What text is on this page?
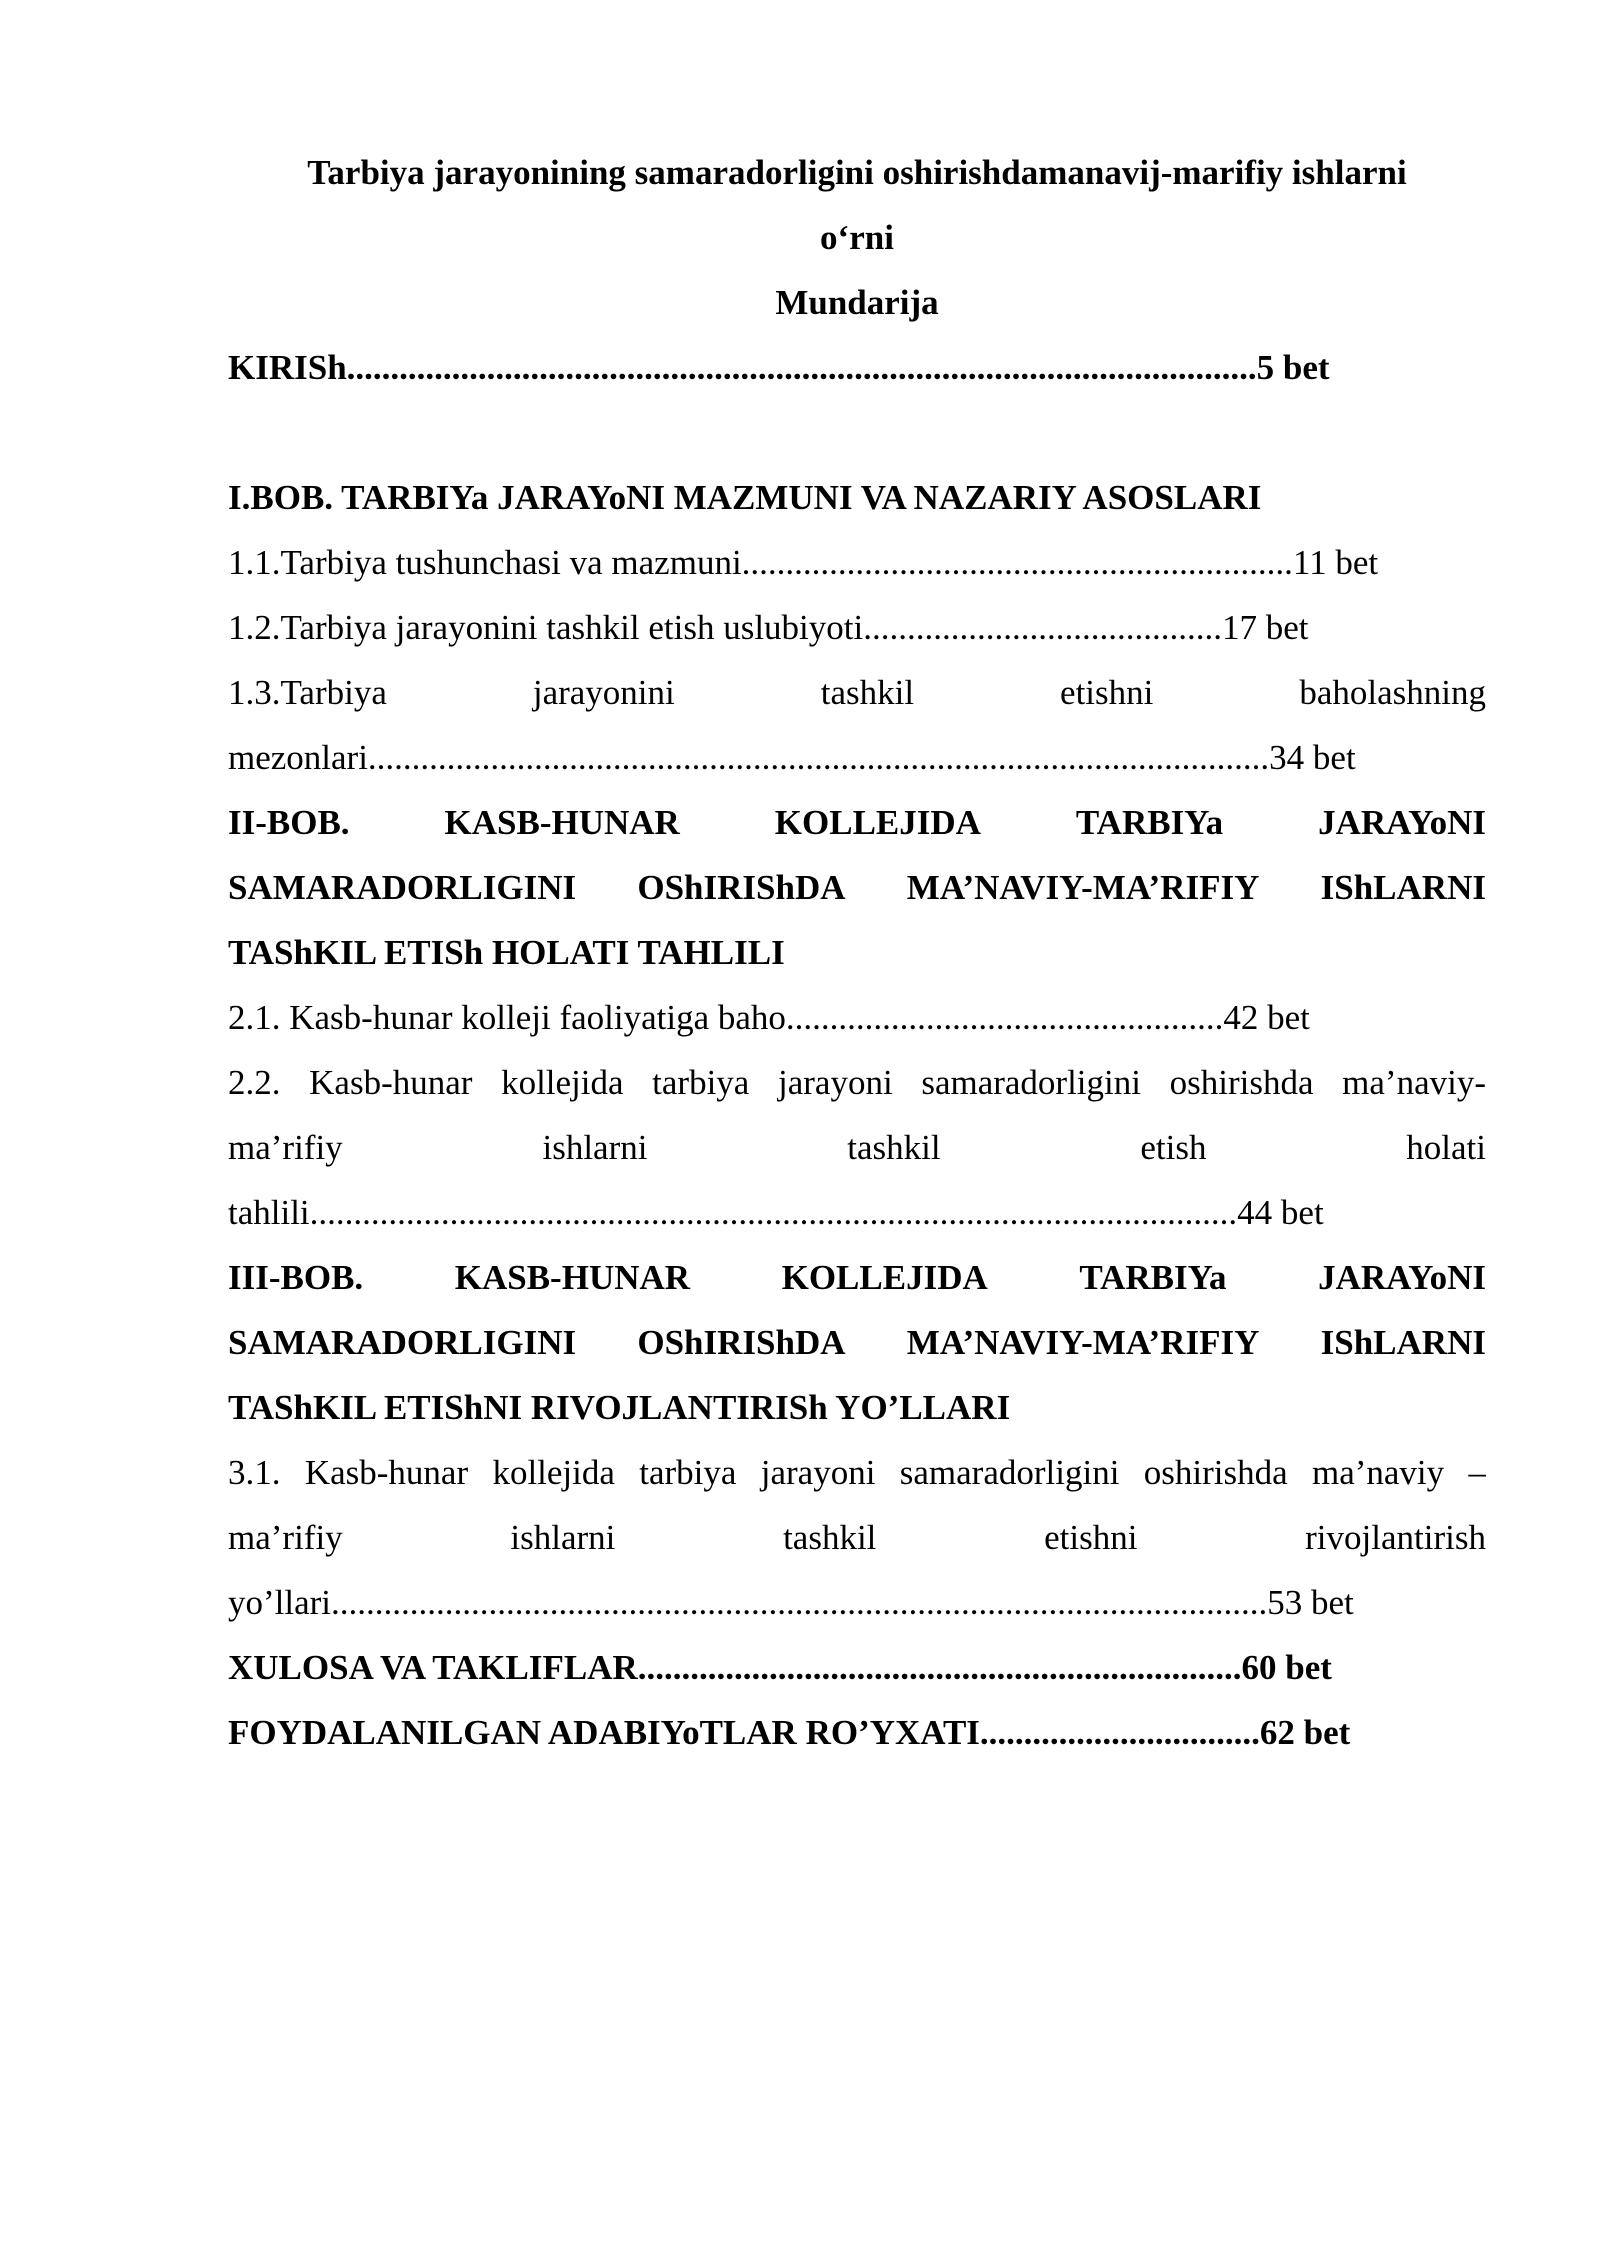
Tarbiya jarayonining samaradorligini oshirishdamanavij-marifiy ishlarni
o‘rni
Mundarija
KIRISh........................................................................................................5 bet
I.BOB. TARBIYa JARAYoNI MAZMUNI VA NAZARIY ASOSLARI
1.1.Tarbiya tushunchasi va mazmuni...............................................................11 bet
1.2.Tarbiya jarayonini tashkil etish uslubiyoti.........................................17 bet
1.3.Tarbiya	jarayonini	tashkil	etishni	baholashning
mezonlari.......................................................................................................34 bet
II-BOB.	KASB-HUNAR	KOLLEJIDA	TARBIYa	JARAYoNI
SAMARADORLIGINI OShIRIShDA MA’NAVIY-MA’RIFIY IShLARNI
TAShKIL ETISh HOLATI TAHLILI
2.1. Kasb-hunar kolleji faoliyatiga baho..................................................42 bet
2.2. Kasb-hunar kollejida tarbiya jarayoni samaradorligini oshirishda ma’naviy-
ma’rifiy	ishlarni	tashkil	etish	holati
tahlili..........................................................................................................44 bet
III-BOB.	KASB-HUNAR	KOLLEJIDA	TARBIYa	JARAYoNI
SAMARADORLIGINI OShIRIShDA MA’NAVIY-MA’RIFIY IShLARNI
TAShKIL ETIShNI RIVOJLANTIRISh YO’LLARI
3.1. Kasb-hunar kollejida tarbiya jarayoni samaradorligini oshirishda ma’naviy –
ma’rifiy	ishlarni	tashkil	etishni	rivojlantirish
yo’llari...........................................................................................................53 bet
XULOSA VA TAKLIFLAR.....................................................................60 bet
FOYDALANILGAN ADABIYoTLAR RO’YXATI................................62 bet
